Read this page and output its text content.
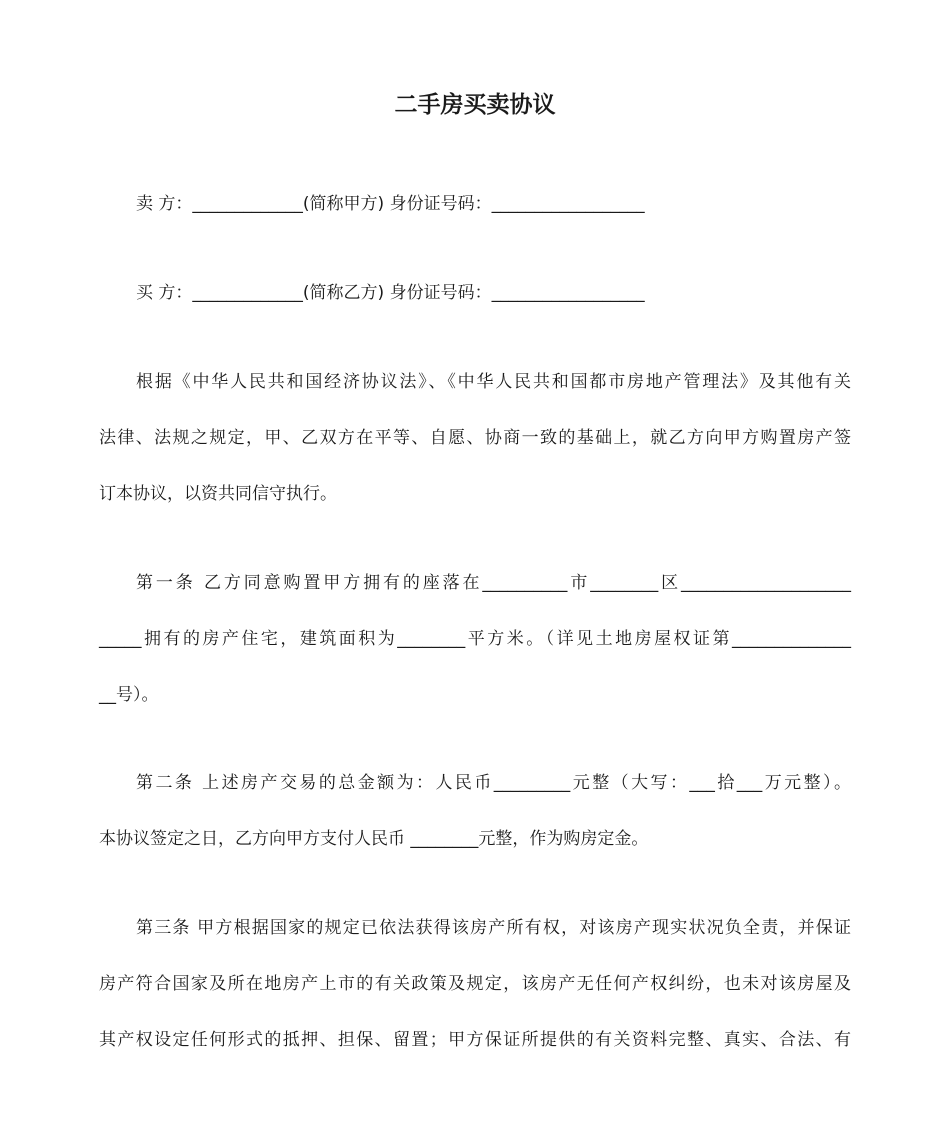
二手房买卖协议
卖 方：_____________(简称甲方) 身份证号码：__________________
买 方：_____________(简称乙方) 身份证号码：__________________
根据《中华人民共和国经济协议法》、《中华人民共和国都市房地产管理法》及其他有关
法律、法规之规定，甲、乙双方在平等、自愿、协商一致的基础上，就乙方向甲方购置房产签
订本协议，以资共同信守执行。
第一条 乙方同意购置甲方拥有的座落在__________市________区____________________
_____拥有的房产住宅，建筑面积为________平方米。（详见土地房屋权证第______________
__号）。
第二条 上述房产交易的总金额为：人民币_________元整（大写：___拾___万元整）。
本协议签定之日，乙方向甲方支付人民币 ________元整，作为购房定金。
第三条 甲方根据国家的规定已依法获得该房产所有权，对该房产现实状况负全责，并保证
房产符合国家及所在地房产上市的有关政策及规定，该房产无任何产权纠纷，也未对该房屋及
其产权设定任何形式的抵押、担保、留置；甲方保证所提供的有关资料完整、真实、合法、有
